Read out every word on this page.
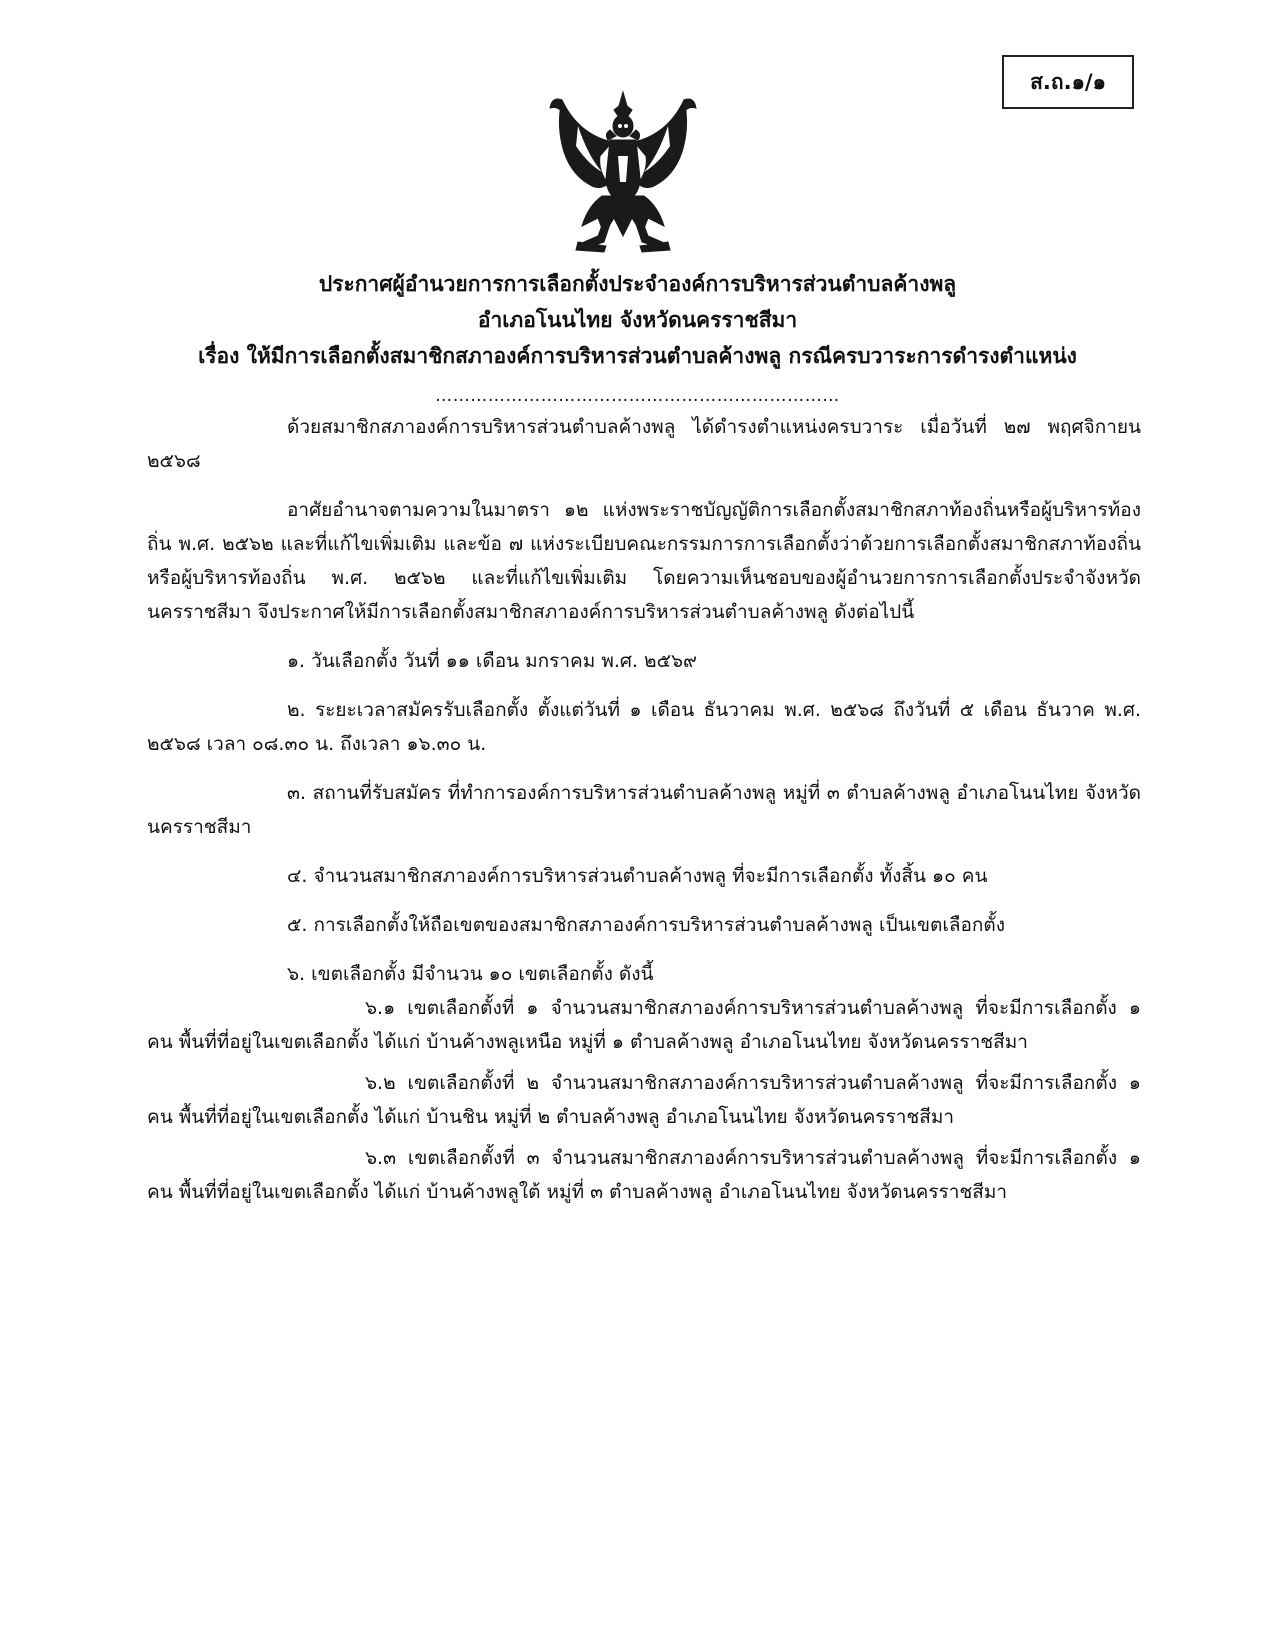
ส.ถ.๑/๑
ประกาศผู้อำนวยการการเลือกตั้งประจำองค์การบริหารส่วนตำบลค้างพลู
อำเภอโนนไทย จังหวัดนครราชสีมา
เรื่อง ให้มีการเลือกตั้งสมาชิกสภาองค์การบริหารส่วนตำบลค้างพลู กรณีครบวาระการดำรงตำแหน่ง
……………………………………………………………

ด้วยสมาชิกสภาองค์การบริหารส่วนตำบลค้างพลู ได้ดำรงตำแหน่งครบวาระ เมื่อวันที่ ๒๗ พฤศจิกายน ๒๕๖๘

อาศัยอำนาจตามความในมาตรา ๑๒ แห่งพระราชบัญญัติการเลือกตั้งสมาชิกสภาท้องถิ่นหรือผู้บริหารท้องถิ่น พ.ศ. ๒๕๖๒ และที่แก้ไขเพิ่มเติม และข้อ ๗ แห่งระเบียบคณะกรรมการการเลือกตั้งว่าด้วยการเลือกตั้งสมาชิกสภาท้องถิ่นหรือผู้บริหารท้องถิ่น พ.ศ. ๒๕๖๒ และที่แก้ไขเพิ่มเติม โดยความเห็นชอบของผู้อำนวยการการเลือกตั้งประจำจังหวัดนครราชสีมา จึงประกาศให้มีการเลือกตั้งสมาชิกสภาองค์การบริหารส่วนตำบลค้างพลู ดังต่อไปนี้

๑. วันเลือกตั้ง วันที่ ๑๑ เดือน มกราคม พ.ศ. ๒๕๖๙

๒. ระยะเวลาสมัครรับเลือกตั้ง ตั้งแต่วันที่ ๑ เดือน ธันวาคม พ.ศ. ๒๕๖๘ ถึงวันที่ ๕ เดือน ธันวาค พ.ศ. ๒๕๖๘ เวลา ๐๘.๓๐ น. ถึงเวลา ๑๖.๓๐ น.

๓. สถานที่รับสมัคร ที่ทำการองค์การบริหารส่วนตำบลค้างพลู หมู่ที่ ๓ ตำบลค้างพลู อำเภอโนนไทย จังหวัดนครราชสีมา

๔. จำนวนสมาชิกสภาองค์การบริหารส่วนตำบลค้างพลู ที่จะมีการเลือกตั้ง ทั้งสิ้น ๑๐ คน

๕. การเลือกตั้งให้ถือเขตของสมาชิกสภาองค์การบริหารส่วนตำบลค้างพลู เป็นเขตเลือกตั้ง

๖. เขตเลือกตั้ง มีจำนวน ๑๐ เขตเลือกตั้ง ดังนี้

๖.๑ เขตเลือกตั้งที่ ๑ จำนวนสมาชิกสภาองค์การบริหารส่วนตำบลค้างพลู ที่จะมีการเลือกตั้ง ๑ คน พื้นที่ที่อยู่ในเขตเลือกตั้ง ได้แก่ บ้านค้างพลูเหนือ หมู่ที่ ๑ ตำบลค้างพลู อำเภอโนนไทย จังหวัดนครราชสีมา

๖.๒ เขตเลือกตั้งที่ ๒ จำนวนสมาชิกสภาองค์การบริหารส่วนตำบลค้างพลู ที่จะมีการเลือกตั้ง ๑ คน พื้นที่ที่อยู่ในเขตเลือกตั้ง ได้แก่ บ้านชิน หมู่ที่ ๒ ตำบลค้างพลู อำเภอโนนไทย จังหวัดนครราชสีมา

๖.๓ เขตเลือกตั้งที่ ๓ จำนวนสมาชิกสภาองค์การบริหารส่วนตำบลค้างพลู ที่จะมีการเลือกตั้ง ๑ คน พื้นที่ที่อยู่ในเขตเลือกตั้ง ได้แก่ บ้านค้างพลูใต้ หมู่ที่ ๓ ตำบลค้างพลู อำเภอโนนไทย จังหวัดนครราชสีมา
